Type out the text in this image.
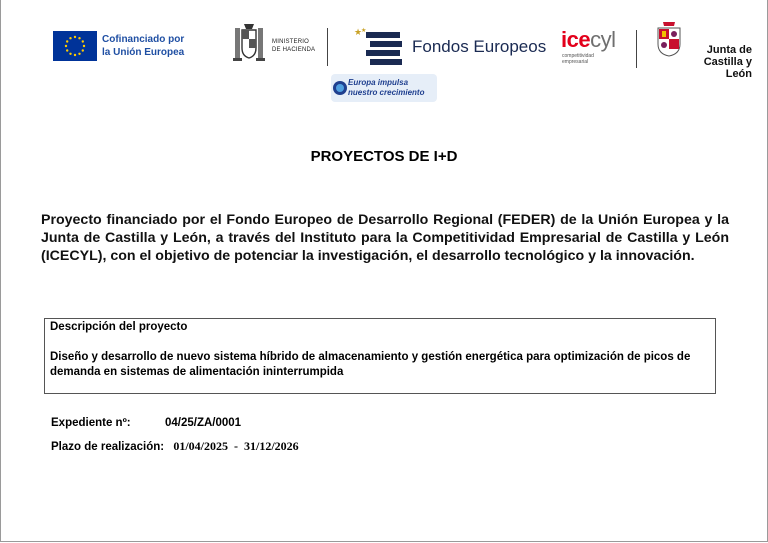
Cofinanciado por
la Unión Europea
MINISTERIO
DE HACIENDA
★
★
Fondos Europeos icecyl
competitividad
empresarial
Junta de
Castilla y León
Europa impulsa
nuestro crecimiento
PROYECTOS DE I+D
Proyecto financiado por el Fondo Europeo de Desarrollo Regional (FEDER) de la Unión Europea y la Junta de Castilla y León, a través del Instituto para la Competitividad Empresarial de Castilla y León (ICECYL), con el objetivo de potenciar la investigación, el desarrollo tecnológico y la innovación.
Descripción del proyecto
Diseño y desarrollo de nuevo sistema híbrido de almacenamiento y gestión energética para optimización de picos de demanda en sistemas de alimentación ininterrumpida
Expediente nº:	04/25/ZA/0001
Plazo de realización: 01/04/2025  -  31/12/2026
